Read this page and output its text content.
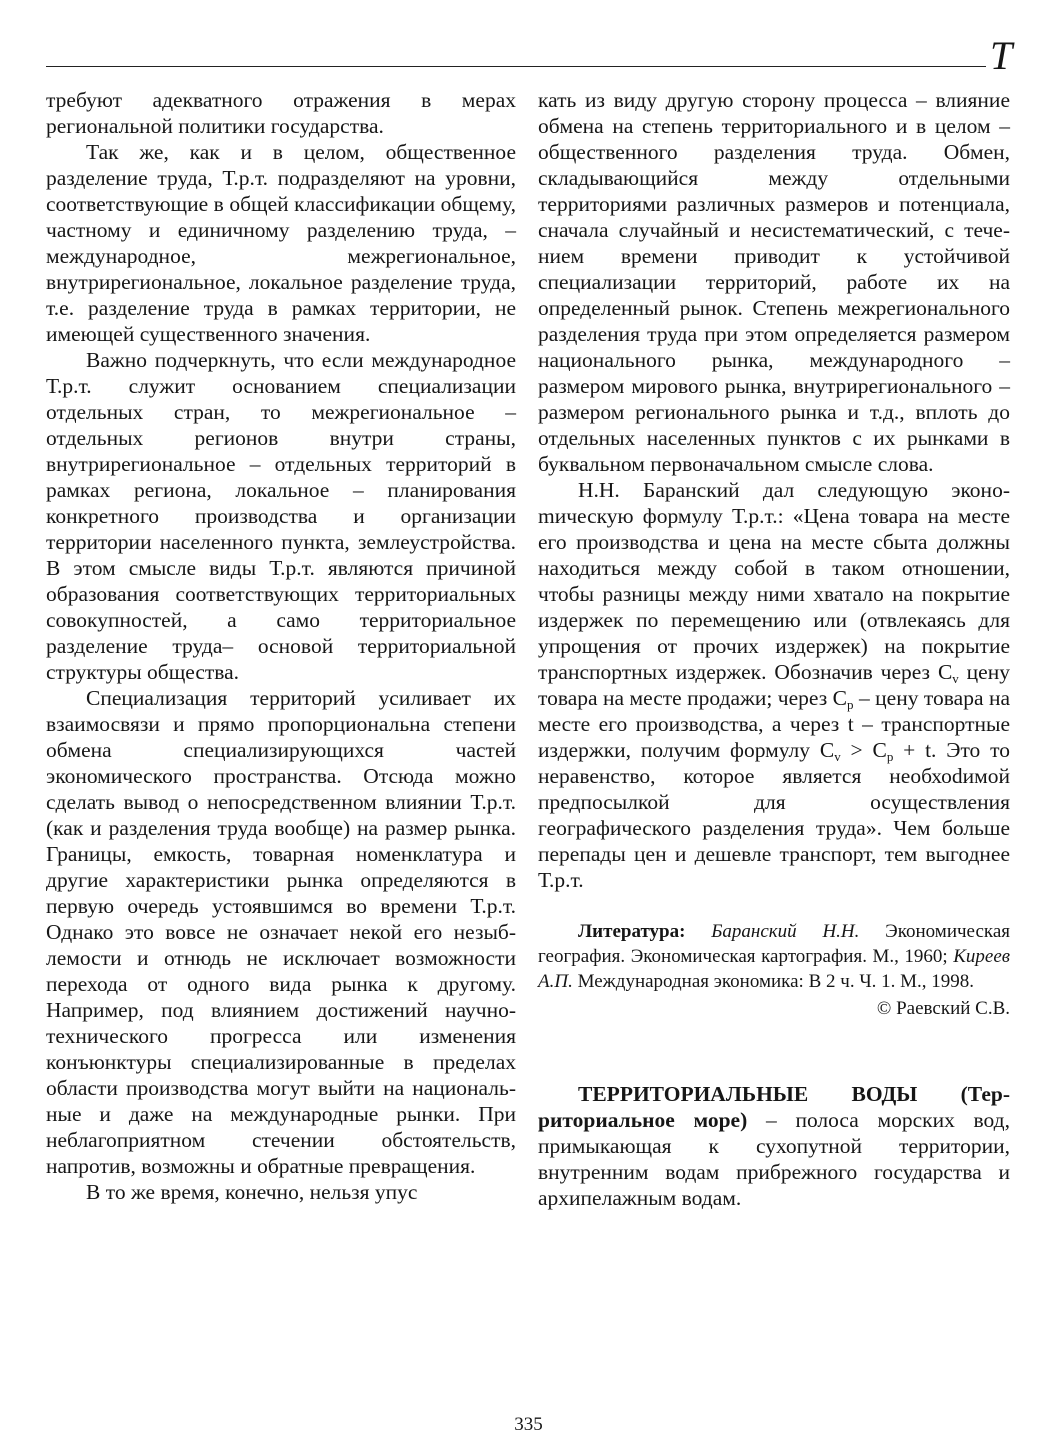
Т

требуют адекватного отражения в мерах региональной политики государства.

Так же, как и в целом, общественное разделение труда, Т.р.т. подразделяют на уровни, соответствующие в общей классификации общему, частному и единичному разделению труда, – международное, межрегиональное, внутрирегиональное, локальное разделение труда, т.е. разделение труда в рамках территории, не имеющей существенного значения.

Важно подчеркнуть, что если международное Т.р.т. служит основанием специализации отдельных стран, то межрегиональное – отдельных регионов внутри страны, внутрирегиональное – отдельных территорий в рамках региона, локальное – планирования конкретного производства и организации территории населенного пункта, землеустройства. В этом смысле виды Т.р.т. являются причиной образования соответствующих территориальных совокупностей, а само территориальное разделение труда– основой территориальной структуры общества.

Специализация территорий усиливает их взаимосвязи и прямо пропорциональна степени обмена специализирующихся частей экономического пространства. Отсюда можно сделать вывод о непосредственном влиянии Т.р.т. (как и разделения труда вообще) на размер рынка. Границы, емкость, товарная номенклатура и другие характеристики рынка определяются в первую очередь устоявшимся во времени Т.р.т. Однако это вовсе не означает некой его незыблемости и отнюдь не исключает возможности перехода от одного вида рынка к другому. Например, под влиянием достижений научно-технического прогресса или изменения конъюнктуры специализированные в пределах области производства могут выйти на национальные и даже на международные рынки. При неблагоприятном стечении обстоятельств, напротив, возможны и обратные превращения.

В то же время, конечно, нельзя упус

кать из виду другую сторону процесса – влияние обмена на степень территориального и в целом – общественного разделения труда. Обмен, складывающийся между отдельными территориями различных размеров и потенциала, сначала случайный и несистематический, с течением времени приводит к устойчивой специализации территорий, работе их на определенный рынок. Степень межрегионального разделения труда при этом определяется размером национального рынка, международного – размером мирового рынка, внутрирегионального – размером регионального рынка и т.д., вплоть до отдельных населенных пунктов с их рынками в буквальном первоначальном смысле слова.

Н.Н. Баранский дал следующую эконоmическую формулу Т.р.т.: «Цена товара на месте его производства и цена на месте сбыта должны находиться между собой в таком отношении, чтобы разницы между ними хватало на покрытие издержек по перемещению или (отвлекаясь для упрощения от прочих издержек) на покрытие транспортных издержек. Обозначив через $С_v$ цену товара на месте продажи; через $С_р$ – цену товара на месте его производства, а через t – транспортные издержки, получим формулу $С_v > С_р + t$. Это то неравенство, которое является необхоdимой предпосылкой для осуществления географического разделения труда». Чем больше перепады цен и дешевле транспорт, тем выгоднее Т.р.т.

Литература: Баранский Н.Н. Экономическая география. Экономическая картография. М., 1960; Киреев А.П. Международная экономика: В 2 ч. Ч. 1. М., 1998.

© Раевский С.В.

ТЕРРИТОРИАЛЬНЫЕ ВОДЫ (Территориальное море) – полоса морских вод, примыкающая к сухопутной территории, внутренним водам прибрежного государства и архипелажным водам.

335
